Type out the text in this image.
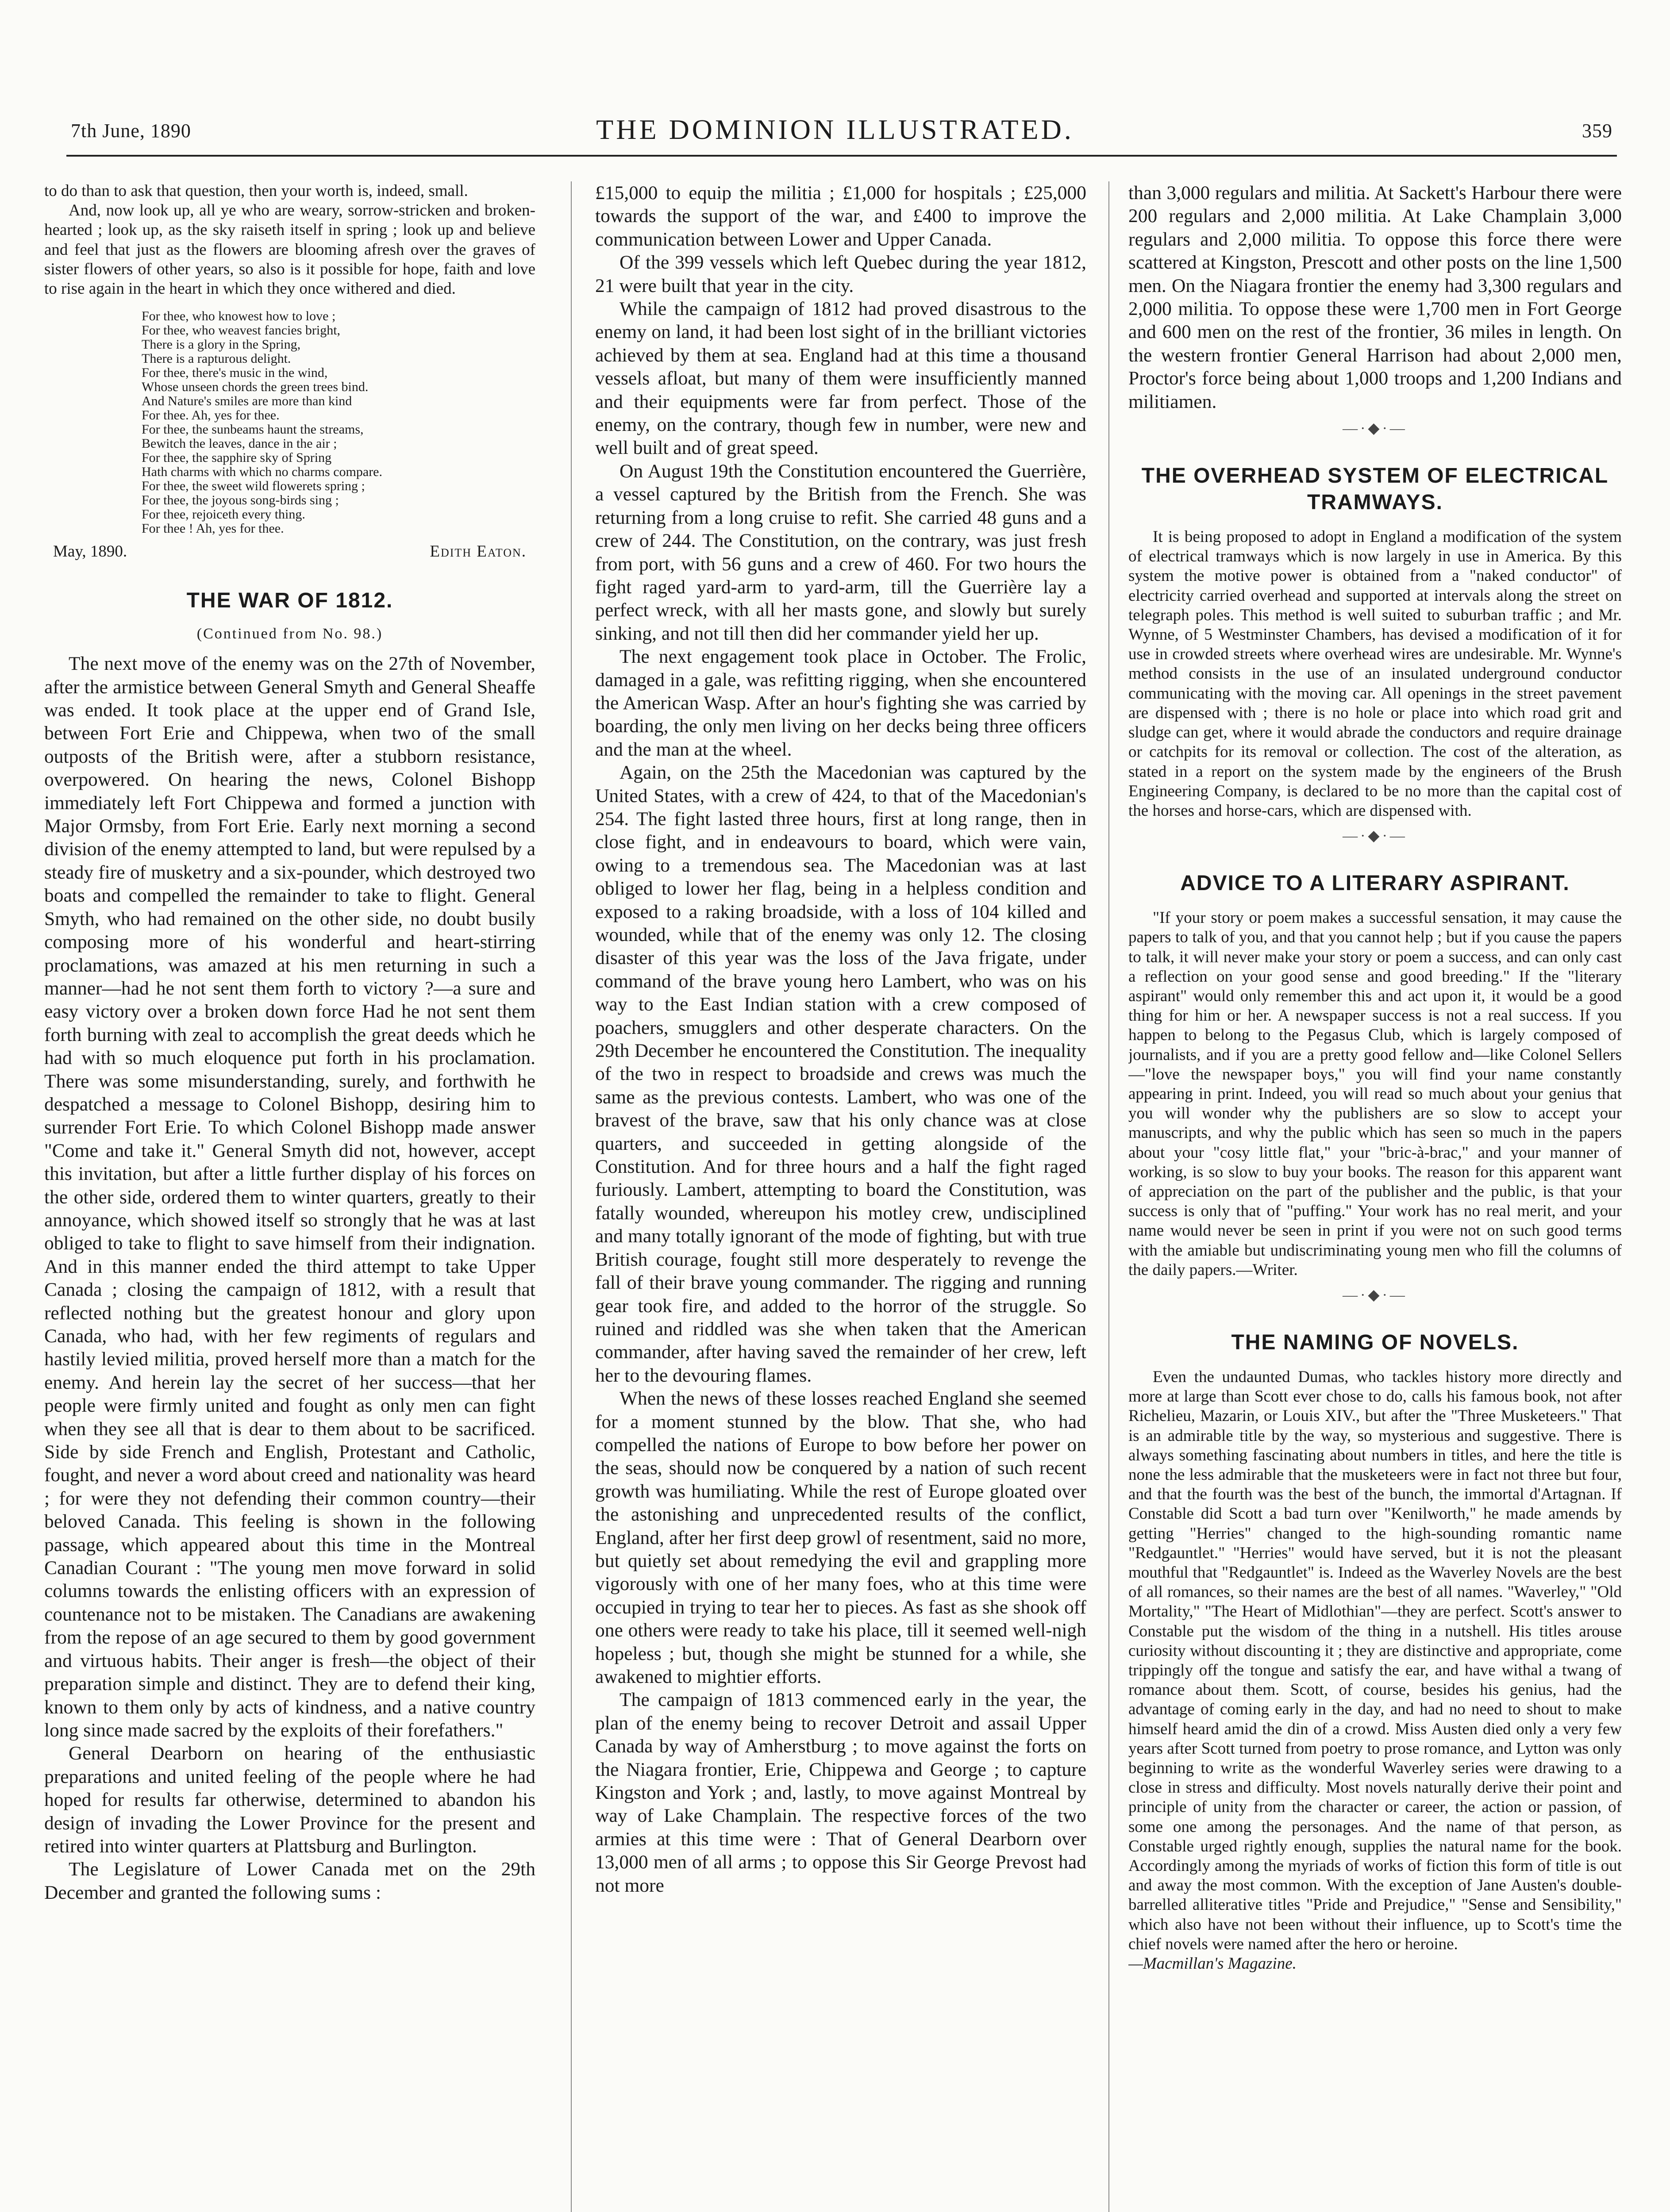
7th June, 1890	THE DOMINION ILLUSTRATED.	359

to do than to ask that question, then your worth is, indeed, small.

And, now look up, all ye who are weary, sorrow-stricken and broken-hearted ; look up, as the sky raiseth itself in spring ; look up and believe and feel that just as the flowers are blooming afresh over the graves of sister flowers of other years, so also is it possible for hope, faith and love to rise again in the heart in which they once withered and died.

For thee, who knowest how to love ;
For thee, who weavest fancies bright,
There is a glory in the Spring,
There is a rapturous delight.
For thee, there's music in the wind,
Whose unseen chords the green trees bind.
And Nature's smiles are more than kind
For thee. Ah, yes for thee.
For thee, the sunbeams haunt the streams,
Bewitch the leaves, dance in the air ;
For thee, the sapphire sky of Spring
Hath charms with which no charms compare.
For thee, the sweet wild flowerets spring ;
For thee, the joyous song-birds sing ;
For thee, rejoiceth every thing.
For thee ! Ah, yes for thee.
May, 1890.	Edith Eaton.
THE WAR OF 1812.
(Continued from No. 98.)

The next move of the enemy was on the 27th of November, after the armistice between General Smyth and General Sheaffe was ended. It took place at the upper end of Grand Isle, between Fort Erie and Chippewa, when two of the small outposts of the British were, after a stubborn resistance, overpowered. On hearing the news, Colonel Bishopp immediately left Fort Chippewa and formed a junction with Major Ormsby, from Fort Erie. Early next morning a second division of the enemy attempted to land, but were repulsed by a steady fire of musketry and a six-pounder, which destroyed two boats and compelled the remainder to take to flight. General Smyth, who had remained on the other side, no doubt busily composing more of his wonderful and heart-stirring proclamations, was amazed at his men returning in such a manner—had he not sent them forth to victory ?—a sure and easy victory over a broken down force Had he not sent them forth burning with zeal to accomplish the great deeds which he had with so much eloquence put forth in his proclamation. There was some misunderstanding, surely, and forthwith he despatched a message to Colonel Bishopp, desiring him to surrender Fort Erie. To which Colonel Bishopp made answer "Come and take it." General Smyth did not, however, accept this invitation, but after a little further display of his forces on the other side, ordered them to winter quarters, greatly to their annoyance, which showed itself so strongly that he was at last obliged to take to flight to save himself from their indignation. And in this manner ended the third attempt to take Upper Canada ; closing the campaign of 1812, with a result that reflected nothing but the greatest honour and glory upon Canada, who had, with her few regiments of regulars and hastily levied militia, proved herself more than a match for the enemy. And herein lay the secret of her success—that her people were firmly united and fought as only men can fight when they see all that is dear to them about to be sacrificed. Side by side French and English, Protestant and Catholic, fought, and never a word about creed and nationality was heard ; for were they not defending their common country—their beloved Canada. This feeling is shown in the following passage, which appeared about this time in the Montreal Canadian Courant : "The young men move forward in solid columns towards the enlisting officers with an expression of countenance not to be mistaken. The Canadians are awakening from the repose of an age secured to them by good government and virtuous habits. Their anger is fresh—the object of their preparation simple and distinct. They are to defend their king, known to them only by acts of kindness, and a native country long since made sacred by the exploits of their forefathers."

General Dearborn on hearing of the enthusiastic preparations and united feeling of the people where he had hoped for results far otherwise, determined to abandon his design of invading the Lower Province for the present and retired into winter quarters at Plattsburg and Burlington.

The Legislature of Lower Canada met on the 29th December and granted the following sums :

£15,000 to equip the militia ; £1,000 for hospitals ; £25,000 towards the support of the war, and £400 to improve the communication between Lower and Upper Canada.

Of the 399 vessels which left Quebec during the year 1812, 21 were built that year in the city.

While the campaign of 1812 had proved disastrous to the enemy on land, it had been lost sight of in the brilliant victories achieved by them at sea. England had at this time a thousand vessels afloat, but many of them were insufficiently manned and their equipments were far from perfect. Those of the enemy, on the contrary, though few in number, were new and well built and of great speed.

On August 19th the Constitution encountered the Guerrière, a vessel captured by the British from the French. She was returning from a long cruise to refit. She carried 48 guns and a crew of 244. The Constitution, on the contrary, was just fresh from port, with 56 guns and a crew of 460. For two hours the fight raged yard-arm to yard-arm, till the Guerrière lay a perfect wreck, with all her masts gone, and slowly but surely sinking, and not till then did her commander yield her up.

The next engagement took place in October. The Frolic, damaged in a gale, was refitting rigging, when she encountered the American Wasp. After an hour's fighting she was carried by boarding, the only men living on her decks being three officers and the man at the wheel.

Again, on the 25th the Macedonian was captured by the United States, with a crew of 424, to that of the Macedonian's 254. The fight lasted three hours, first at long range, then in close fight, and in endeavours to board, which were vain, owing to a tremendous sea. The Macedonian was at last obliged to lower her flag, being in a helpless condition and exposed to a raking broadside, with a loss of 104 killed and wounded, while that of the enemy was only 12. The closing disaster of this year was the loss of the Java frigate, under command of the brave young hero Lambert, who was on his way to the East Indian station with a crew composed of poachers, smugglers and other desperate characters. On the 29th December he encountered the Constitution. The inequality of the two in respect to broadside and crews was much the same as the previous contests. Lambert, who was one of the bravest of the brave, saw that his only chance was at close quarters, and succeeded in getting alongside of the Constitution. And for three hours and a half the fight raged furiously. Lambert, attempting to board the Constitution, was fatally wounded, whereupon his motley crew, undisciplined and many totally ignorant of the mode of fighting, but with true British courage, fought still more desperately to revenge the fall of their brave young commander. The rigging and running gear took fire, and added to the horror of the struggle. So ruined and riddled was she when taken that the American commander, after having saved the remainder of her crew, left her to the devouring flames.

When the news of these losses reached England she seemed for a moment stunned by the blow. That she, who had compelled the nations of Europe to bow before her power on the seas, should now be conquered by a nation of such recent growth was humiliating. While the rest of Europe gloated over the astonishing and unprecedented results of the conflict, England, after her first deep growl of resentment, said no more, but quietly set about remedying the evil and grappling more vigorously with one of her many foes, who at this time were occupied in trying to tear her to pieces. As fast as she shook off one others were ready to take his place, till it seemed well-nigh hopeless ; but, though she might be stunned for a while, she awakened to mightier efforts.

The campaign of 1813 commenced early in the year, the plan of the enemy being to recover Detroit and assail Upper Canada by way of Amherstburg ; to move against the forts on the Niagara frontier, Erie, Chippewa and George ; to capture Kingston and York ; and, lastly, to move against Montreal by way of Lake Champlain. The respective forces of the two armies at this time were : That of General Dearborn over 13,000 men of all arms ; to oppose this Sir George Prevost had not more

than 3,000 regulars and militia. At Sackett's Harbour there were 200 regulars and 2,000 militia. At Lake Champlain 3,000 regulars and 2,000 militia. To oppose this force there were scattered at Kingston, Prescott and other posts on the line 1,500 men. On the Niagara frontier the enemy had 3,300 regulars and 2,000 militia. To oppose these were 1,700 men in Fort George and 600 men on the rest of the frontier, 36 miles in length. On the western frontier General Harrison had about 2,000 men, Proctor's force being about 1,000 troops and 1,200 Indians and militiamen.

—·◆·—
THE OVERHEAD SYSTEM OF ELECTRICAL TRAMWAYS.

It is being proposed to adopt in England a modification of the system of electrical tramways which is now largely in use in America. By this system the motive power is obtained from a "naked conductor" of electricity carried overhead and supported at intervals along the street on telegraph poles. This method is well suited to suburban traffic ; and Mr. Wynne, of 5 Westminster Chambers, has devised a modification of it for use in crowded streets where overhead wires are undesirable. Mr. Wynne's method consists in the use of an insulated underground conductor communicating with the moving car. All openings in the street pavement are dispensed with ; there is no hole or place into which road grit and sludge can get, where it would abrade the conductors and require drainage or catchpits for its removal or collection. The cost of the alteration, as stated in a report on the system made by the engineers of the Brush Engineering Company, is declared to be no more than the capital cost of the horses and horse-cars, which are dispensed with.

—·◆·—
ADVICE TO A LITERARY ASPIRANT.

"If your story or poem makes a successful sensation, it may cause the papers to talk of you, and that you cannot help ; but if you cause the papers to talk, it will never make your story or poem a success, and can only cast a reflection on your good sense and good breeding." If the "literary aspirant" would only remember this and act upon it, it would be a good thing for him or her. A newspaper success is not a real success. If you happen to belong to the Pegasus Club, which is largely composed of journalists, and if you are a pretty good fellow and—like Colonel Sellers—"love the newspaper boys," you will find your name constantly appearing in print. Indeed, you will read so much about your genius that you will wonder why the publishers are so slow to accept your manuscripts, and why the public which has seen so much in the papers about your "cosy little flat," your "bric-à-brac," and your manner of working, is so slow to buy your books. The reason for this apparent want of appreciation on the part of the publisher and the public, is that your success is only that of "puffing." Your work has no real merit, and your name would never be seen in print if you were not on such good terms with the amiable but undiscriminating young men who fill the columns of the daily papers.—Writer.

—·◆·—
THE NAMING OF NOVELS.

Even the undaunted Dumas, who tackles history more directly and more at large than Scott ever chose to do, calls his famous book, not after Richelieu, Mazarin, or Louis XIV., but after the "Three Musketeers." That is an admirable title by the way, so mysterious and suggestive. There is always something fascinating about numbers in titles, and here the title is none the less admirable that the musketeers were in fact not three but four, and that the fourth was the best of the bunch, the immortal d'Artagnan. If Constable did Scott a bad turn over "Kenilworth," he made amends by getting "Herries" changed to the high-sounding romantic name "Redgauntlet." "Herries" would have served, but it is not the pleasant mouthful that "Redgauntlet" is. Indeed as the Waverley Novels are the best of all romances, so their names are the best of all names. "Waverley," "Old Mortality," "The Heart of Midlothian"—they are perfect. Scott's answer to Constable put the wisdom of the thing in a nutshell. His titles arouse curiosity without discounting it ; they are distinctive and appropriate, come trippingly off the tongue and satisfy the ear, and have withal a twang of romance about them. Scott, of course, besides his genius, had the advantage of coming early in the day, and had no need to shout to make himself heard amid the din of a crowd. Miss Austen died only a very few years after Scott turned from poetry to prose romance, and Lytton was only beginning to write as the wonderful Waverley series were drawing to a close in stress and difficulty. Most novels naturally derive their point and principle of unity from the character or career, the action or passion, of some one among the personages. And the name of that person, as Constable urged rightly enough, supplies the natural name for the book. Accordingly among the myriads of works of fiction this form of title is out and away the most common. With the exception of Jane Austen's double-barrelled alliterative titles "Pride and Prejudice," "Sense and Sensibility," which also have not been without their influence, up to Scott's time the chief novels were named after the hero or heroine.

—Macmillan's Magazine.
